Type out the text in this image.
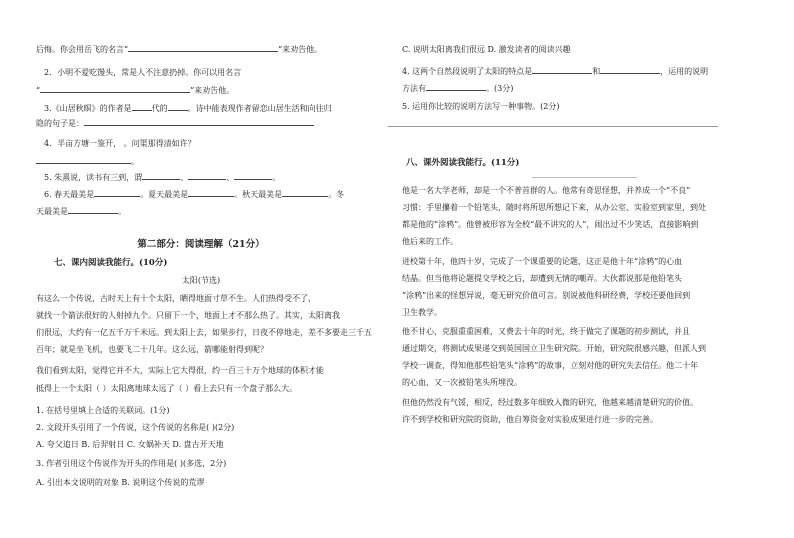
后悔。你会用岳飞的名言“	”来劝告他。
2．小明不爱吃馒头，常是人不注意扔掉。你可以用名言
“	”来劝告他。
3.《山居秋暝》的作者是	代的	。诗中能表现作者留恋山居生活和向往归
隐的句子是：
4．半亩方塘一鉴开， 。问渠那得清如许？
。
5. 朱熹说，读书有三到，谓	、	、	。
6. 春天最美是	。夏天最美是	。秋天最美是	。冬
天最美是	。
第二部分：阅读理解（21分）
七、课内阅读我能行。(10分)
太阳(节选)
有这么一个传说，古时天上有十个太阳，晒得地面寸草不生。人们热得受不了，
就找一个箭法很好的人射掉九个。只留下一个，地面上才不那么热了。其实，太阳离我
们很远，大约有一亿五千万千米远。到太阳上去，如果步行，日夜不停地走，差不多要走三千五
百年；就是坐飞机，也要飞二十几年。这么远，箭哪能射得到呢？
我们看到太阳，觉得它并不大，实际上它大得很，约一百三十万个地球的体积才能
抵得上一个太阳（ ）太阳离地球太远了（ ）看上去只有一个盘子那么大。
1. 在括号里填上合适的关联词。(1分)
2. 文段开头引用了一个传说，这个传说的名称是( )(2分)
A. 夸父追日 B. 后羿射日 C. 女娲补天 D. 盘古开天地
3. 作者引用这个传说作为开头的作用是( )(多选，2分)
A. 引出本文说明的对象 B. 说明这个传说的荒谬
C. 说明太阳离我们很远 D. 激发读者的阅读兴趣
4. 这两个自然段说明了太阳的特点是	和	，运用的说明
方法有	。(3分)
5. 运用你比较的说明方法写一种事物。(2分)
八、课外阅读我能行。(11分)
他是一名大学老师，却是一个不普首群的人。他常有奇思怪想，并养成一个“不良”
习惯：手里攥着一个铅笔头，随时将所思所想记下来，从办公室、实验室到家里，到处
都是他的“涂鸦”。他曾被形容为全校“最不讲究的人”，闹出过不少笑话，直接影响到
他后来的工作。
进校第十年，他四十岁，完成了一个课重要的论题，这正是他十年“涂鸦”的心血
结晶。但当他将论题提交学校之后，却遭到无情的嘲弄。大伙都说那是他铅笔头
“涂鸦”出来的怪想异说，毫无研究价值可言。别说被他科研经费，学校还要他回到
卫生教学。
他不甘心，克服重重困难，又费去十年的时光，终于做完了课题的初步测试，并且
通过期交，将测试成果递交到英国国立卫生研究院。开始，研究院很感兴趣，但派人到
学校一调查，得知他那些铅笔头“涂鸦”的故事，立刻对他的研究失去信任。他二十年
的心血，又一次被铅笔头所埋没。
但他仍然没有气馁，相反，经过数多年细致入微的研究，他越来越清楚研究的价值。
许不到学校和研究院的资助，他自筹资金对实验成果进行进一步的完善。
